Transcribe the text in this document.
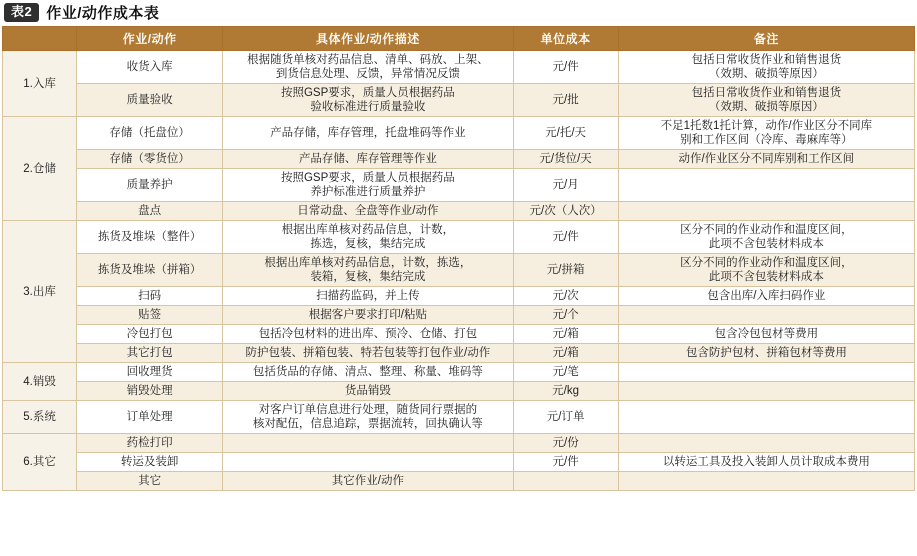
表2 作业/动作成本表
	作业/动作	具体作业/动作描述	单位成本	备注
1.入库	收货入库	根据随货单核对药品信息、清单、码放、上架、
到货信息处理、反馈，异常情况反馈	元/件	包括日常收货作业和销售退货
（效期、破损等原因）
	质量验收	按照GSP要求，质量人员根据药品
验收标准进行质量验收	元/批	包括日常收货作业和销售退货
（效期、破损等原因）
2.仓储	存储（托盘位）	产品存储，库存管理，托盘堆码等作业	元/托/天	不足1托数1托计算，动作/作业区分不同库
别和工作区间（冷库、毒麻库等）
	存储（零货位）	产品存储、库存管理等作业	元/货位/天	动作/作业区分不同库别和工作区间
	质量养护	按照GSP要求，质量人员根据药品
养护标准进行质量养护	元/月	
	盘点	日常动盘、全盘等作业/动作	元/次（人次）	
3.出库	拣货及堆垛（整件）	根据出库单核对药品信息，计数，
拣选，复核，集结完成	元/件	区分不同的作业动作和温度区间，
此项不含包装材料成本
	拣货及堆垛（拼箱）	根据出库单核对药品信息，计数，拣选，
装箱，复核，集结完成	元/拼箱	区分不同的作业动作和温度区间，
此项不含包装材料成本
	扫码	扫描药监码，并上传	元/次	包含出库/入库扫码作业
	贴签	根据客户要求打印/粘贴	元/个	
	冷包打包	包括冷包材料的进出库、预冷、仓储、打包	元/箱	包含冷包包材等费用
	其它打包	防护包装、拼箱包装、特若包装等打包作业/动作	元/箱	包含防护包材、拼箱包材等费用
4.销毁	回收理货	包括货品的存储、清点、整理、称量、堆码等	元/笔	
	销毁处理	货品销毁	元/kg	
5.系统	订单处理	对客户订单信息进行处理，随货同行票据的
核对配伍，信息追踪，票据流转，回执确认等	元/订单	
6.其它	药检打印		元/份	
	转运及装卸		元/件	以转运工具及投入装卸人员计取成本费用
	其它	其它作业/动作		
